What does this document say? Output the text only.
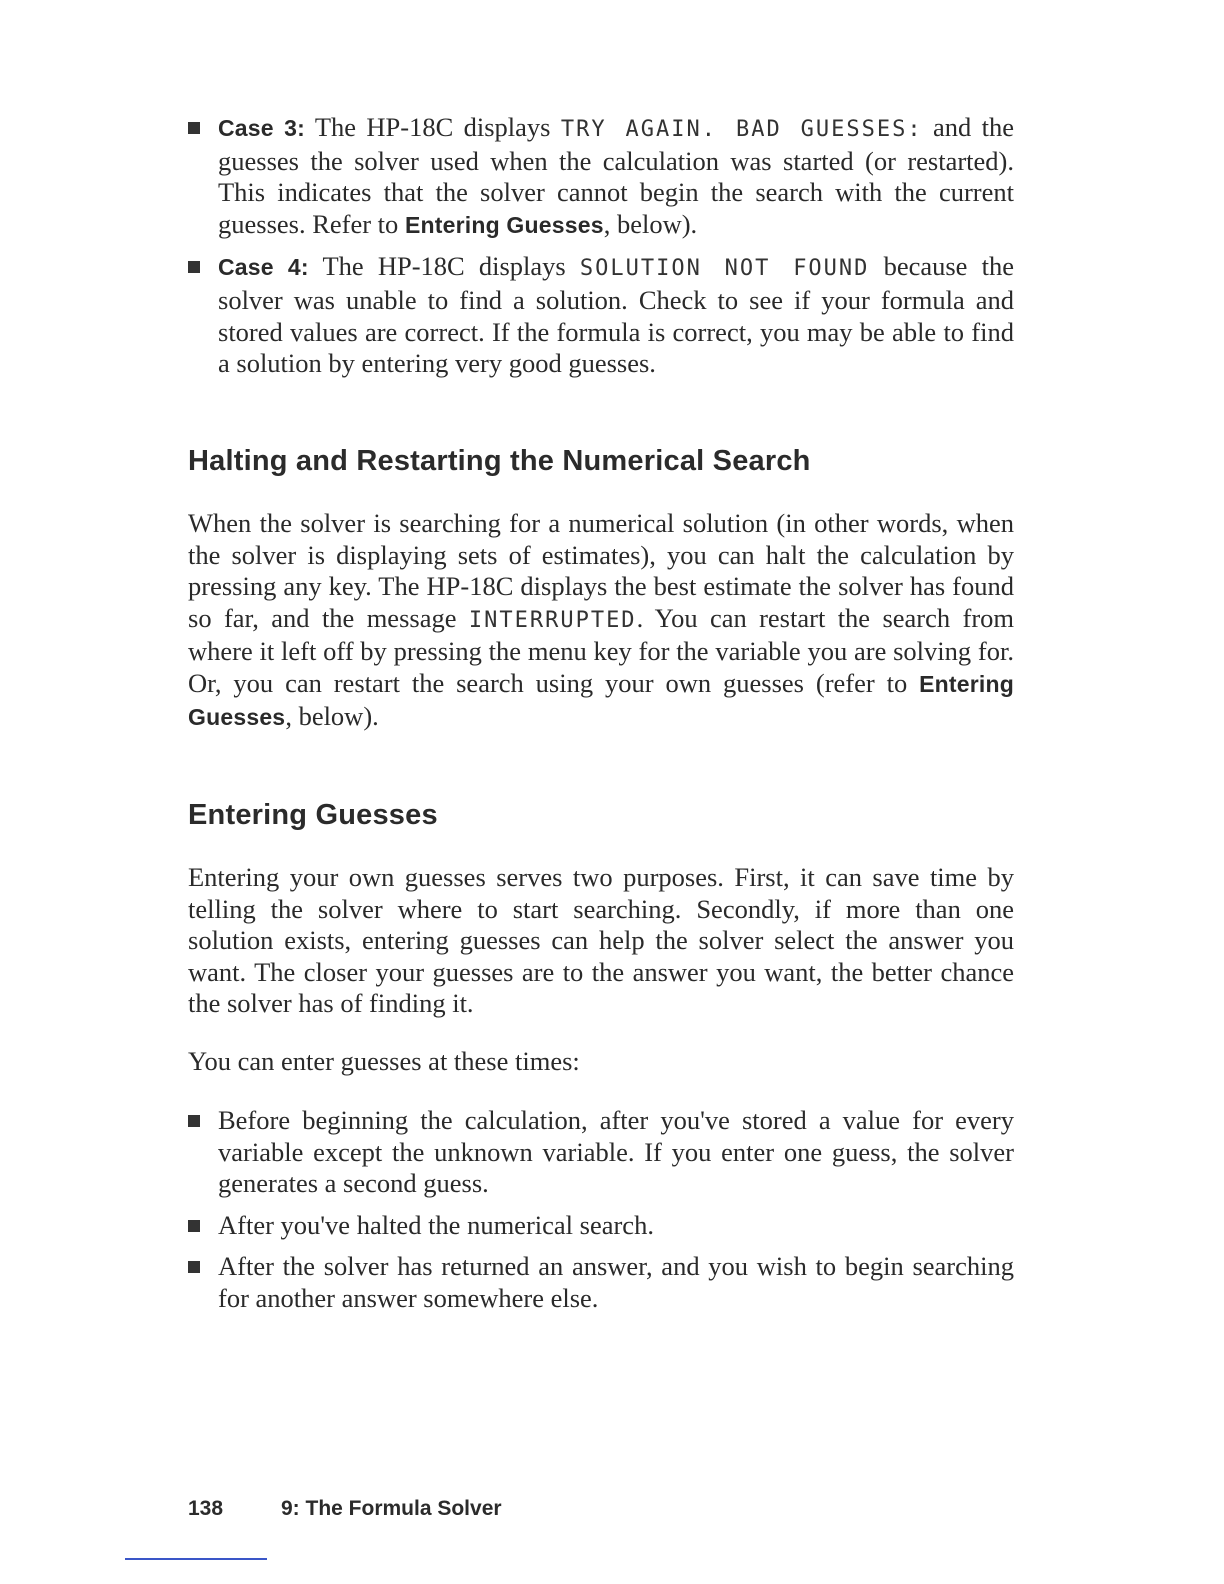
Case 3: The HP-18C displays TRY AGAIN. BAD GUESSES: and the guesses the solver used when the calculation was started (or restarted). This indicates that the solver cannot begin the search with the current guesses. Refer to Entering Guesses, below).
Case 4: The HP-18C displays SOLUTION NOT FOUND because the solver was unable to find a solution. Check to see if your formula and stored values are correct. If the formula is correct, you may be able to find a solution by entering very good guesses.
Halting and Restarting the Numerical Search

When the solver is searching for a numerical solution (in other words, when the solver is displaying sets of estimates), you can halt the calculation by pressing any key. The HP-18C displays the best estimate the solver has found so far, and the message INTERRUPTED. You can restart the search from where it left off by pressing the menu key for the variable you are solving for. Or, you can restart the search using your own guesses (refer to Entering Guesses, below).

Entering Guesses

Entering your own guesses serves two purposes. First, it can save time by telling the solver where to start searching. Secondly, if more than one solution exists, entering guesses can help the solver select the answer you want. The closer your guesses are to the answer you want, the better chance the solver has of finding it.

You can enter guesses at these times:

Before beginning the calculation, after you've stored a value for every variable except the unknown variable. If you enter one guess, the solver generates a second guess.
After you've halted the numerical search.
After the solver has returned an answer, and you wish to begin searching for another answer somewhere else.
138	9: The Formula Solver
